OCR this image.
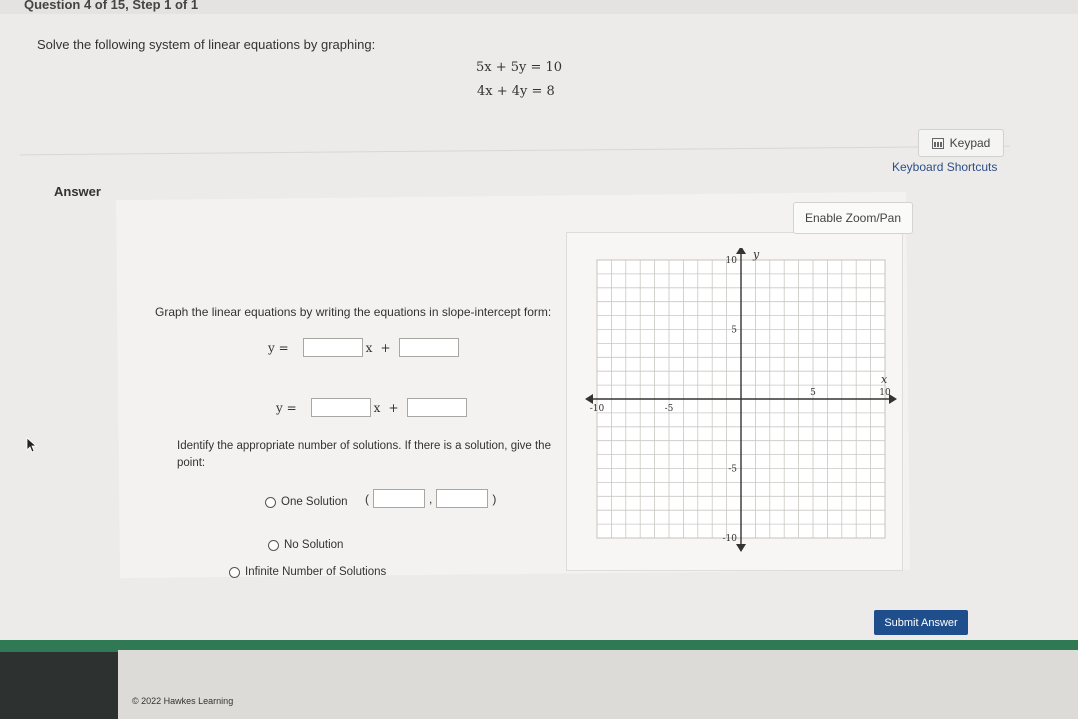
Question 4 of 15, Step 1 of 1
Solve the following system of linear equations by graphing:
5x + 5y = 10
4x + 4y = 8
Keypad
Keyboard Shortcuts
Answer
Enable Zoom/Pan
x
y
-10	-5
5	10
10
5
-5
-10
Graph the linear equations by writing the equations in slope-intercept form:
y =	x +
y =	x +
Identify the appropriate number of solutions. If there is a solution, give the point:
One Solution (	,	)
No Solution
Infinite Number of Solutions
Submit Answer
© 2022 Hawkes Learning
